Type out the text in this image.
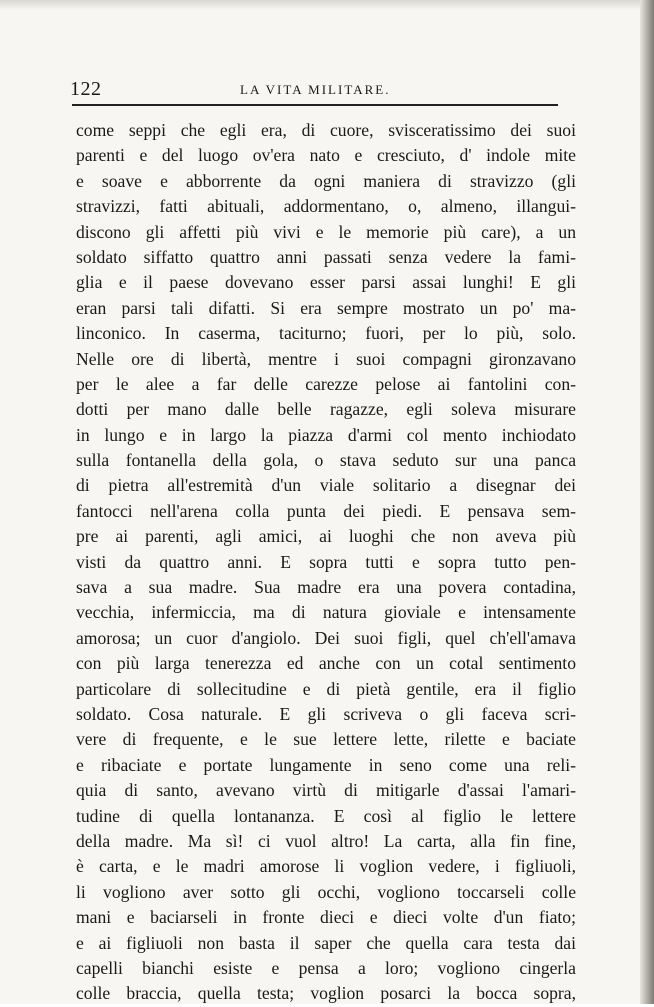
122	LA VITA MILITARE.
come seppi che egli era, di cuore, svisceratissimo dei suoi
parenti e del luogo ov'era nato e cresciuto, d' indole mite
e soave e abborrente da ogni maniera di stravizzo (gli
stravizzi, fatti abituali, addormentano, o, almeno, illangui-
discono gli affetti più vivi e le memorie più care), a un
soldato siffatto quattro anni passati senza vedere la fami-
glia e il paese dovevano esser parsi assai lunghi! E gli
eran parsi tali difatti. Si era sempre mostrato un po' ma-
linconico. In caserma, taciturno; fuori, per lo più, solo.
Nelle ore di libertà, mentre i suoi compagni gironzavano
per le alee a far delle carezze pelose ai fantolini con-
dotti per mano dalle belle ragazze, egli soleva misurare
in lungo e in largo la piazza d'armi col mento inchiodato
sulla fontanella della gola, o stava seduto sur una panca
di pietra all'estremità d'un viale solitario a disegnar dei
fantocci nell'arena colla punta dei piedi. E pensava sem-
pre ai parenti, agli amici, ai luoghi che non aveva più
visti da quattro anni. E sopra tutti e sopra tutto pen-
sava a sua madre. Sua madre era una povera contadina,
vecchia, infermiccia, ma di natura gioviale e intensamente
amorosa; un cuor d'angiolo. Dei suoi figli, quel ch'ell'amava
con più larga tenerezza ed anche con un cotal sentimento
particolare di sollecitudine e di pietà gentile, era il figlio
soldato. Cosa naturale. E gli scriveva o gli faceva scri-
vere di frequente, e le sue lettere lette, rilette e baciate
e ribaciate e portate lungamente in seno come una reli-
quia di santo, avevano virtù di mitigarle d'assai l'amari-
tudine di quella lontananza. E così al figlio le lettere
della madre. Ma sì! ci vuol altro! La carta, alla fin fine,
è carta, e le madri amorose li voglion vedere, i figliuoli,
li vogliono aver sotto gli occhi, vogliono toccarseli colle
mani e baciarseli in fronte dieci e dieci volte d'un fiato;
e ai figliuoli non basta il saper che quella cara testa dai
capelli bianchi esiste e pensa a loro; vogliono cingerla
colle braccia, quella testa; voglion posarci la bocca sopra,
